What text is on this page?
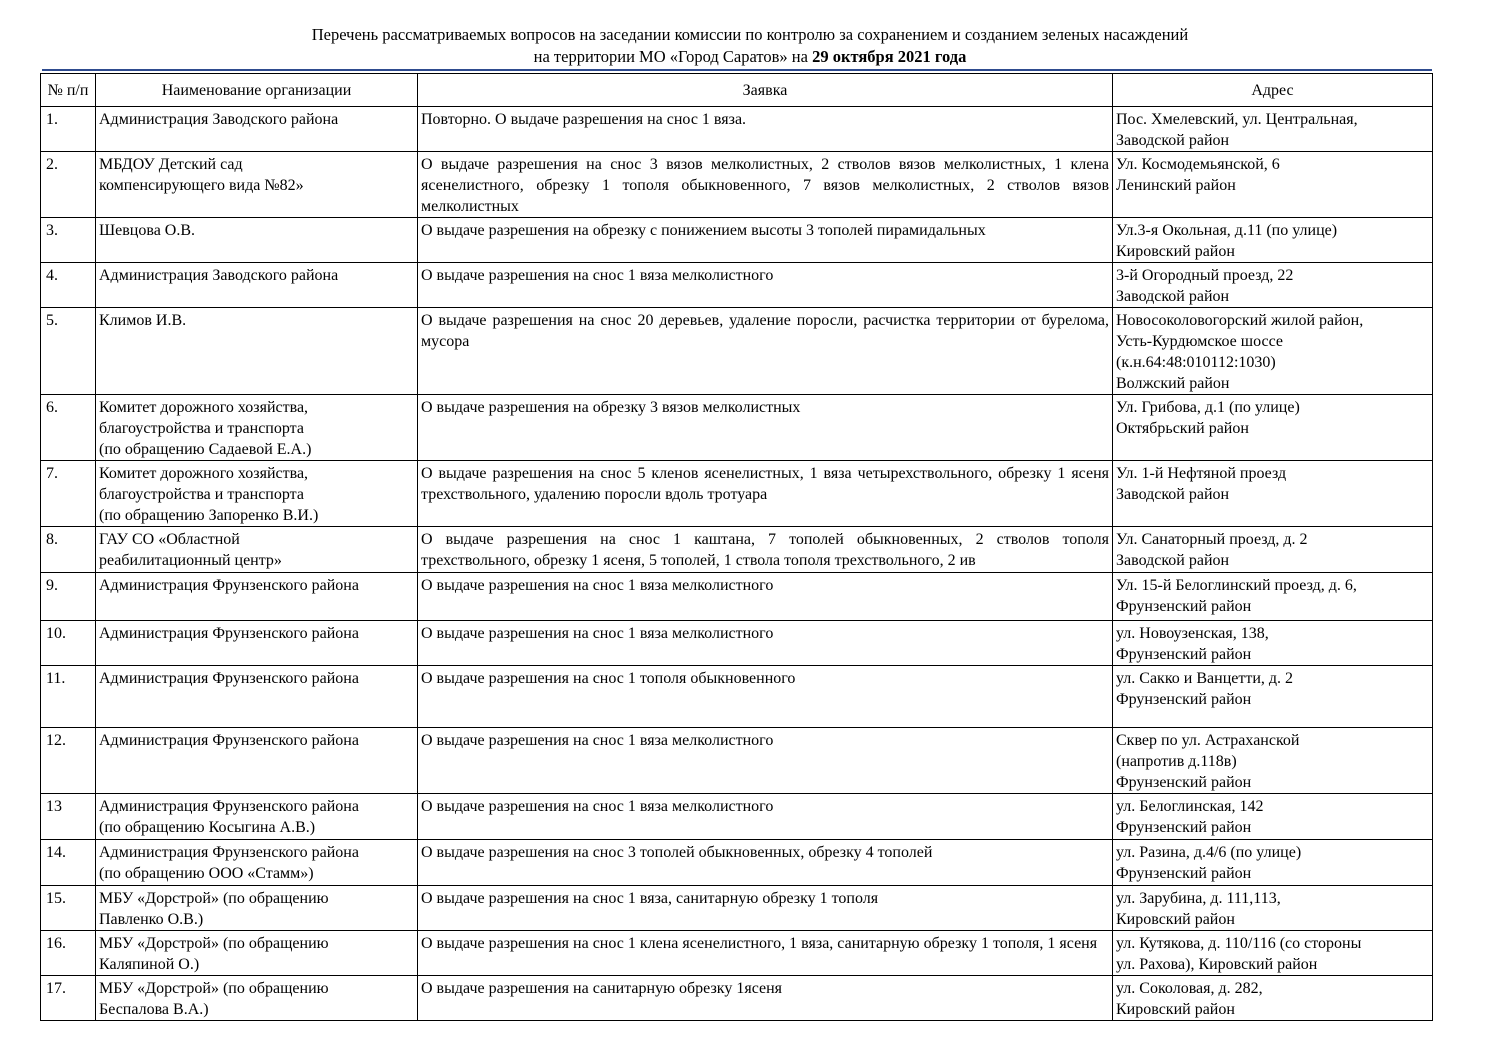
Перечень рассматриваемых вопросов на заседании комиссии по контролю за сохранением и созданием зеленых насаждений
на территории МО «Город Саратов» на 29 октября 2021 года
№ п/п	Наименование организации	Заявка	Адрес
1.	Администрация Заводского района	Повторно. О выдаче разрешения на снос 1 вяза.	Пос. Хмелевский, ул. Центральная,
Заводской район

2.	МБДОУ Детский сад
компенсирующего вида №82»	О выдаче разрешения на снос 3 вязов мелколистных, 2 стволов вязов мелколистных, 1 клена ясенелистного, обрезку 1 тополя обыкновенного, 7 вязов мелколистных, 2 стволов вязов мелколистных	Ул. Космодемьянской, 6
Ленинский район

3.	Шевцова О.В.	О выдаче разрешения на обрезку с понижением высоты 3 тополей пирамидальных	Ул.3-я Окольная, д.11 (по улице)
Кировский район

4.	Администрация Заводского района	О выдаче разрешения на снос 1 вяза мелколистного	3-й Огородный проезд, 22
Заводской район

5.	Климов И.В.	О выдаче разрешения на снос 20 деревьев, удаление поросли, расчистка территории от бурелома, мусора	Новосоколовогорский жилой район,
Усть-Курдюмское шоссе
(к.н.64:48:010112:1030)
Волжский район

6.	Комитет дорожного хозяйства,
благоустройства и транспорта
(по обращению Садаевой Е.А.)	О выдаче разрешения на обрезку 3 вязов мелколистных	Ул. Грибова, д.1 (по улице)
Октябрьский район

7.	Комитет дорожного хозяйства,
благоустройства и транспорта
(по обращению Запоренко В.И.)	О выдаче разрешения на снос 5 кленов ясенелистных, 1 вяза четырехствольного, обрезку 1 ясеня трехствольного, удалению поросли вдоль тротуара	Ул. 1-й Нефтяной проезд
Заводской район

8.	ГАУ СО «Областной
реабилитационный центр»	О выдаче разрешения на снос 1 каштана, 7 тополей обыкновенных, 2 стволов тополя трехствольного, обрезку 1 ясеня, 5 тополей, 1 ствола тополя трехствольного, 2 ив	Ул. Санаторный проезд, д. 2
Заводской район

9.	Администрация Фрунзенского района	О выдаче разрешения на снос 1 вяза мелколистного	Ул. 15-й Белоглинский проезд, д. 6,
Фрунзенский район

10.	Администрация Фрунзенского района	О выдаче разрешения на снос 1 вяза мелколистного	ул. Новоузенская, 138,
Фрунзенский район

11.	Администрация Фрунзенского района	О выдаче разрешения на снос 1 тополя обыкновенного	ул. Сакко и Ванцетти, д. 2
Фрунзенский район

12.	Администрация Фрунзенского района	О выдаче разрешения на снос 1 вяза мелколистного	Сквер по ул. Астраханской
(напротив д.118в)
Фрунзенский район

13	Администрация Фрунзенского района
(по обращению Косыгина А.В.)	О выдаче разрешения на снос 1 вяза мелколистного	ул. Белоглинская, 142
Фрунзенский район

14.	Администрация Фрунзенского района
(по обращению ООО «Стамм»)	О выдаче разрешения на снос 3 тополей обыкновенных, обрезку 4 тополей	ул. Разина, д.4/6 (по улице)
Фрунзенский район

15.	МБУ «Дорстрой» (по обращению
Павленко О.В.)	О выдаче разрешения на снос 1 вяза, санитарную обрезку 1 тополя	ул. Зарубина, д. 111,113,
Кировский район

16.	МБУ «Дорстрой» (по обращению
Каляпиной О.)	О выдаче разрешения на снос 1 клена ясенелистного, 1 вяза, санитарную обрезку 1 тополя, 1 ясеня	ул. Кутякова, д. 110/116 (со стороны
ул. Рахова), Кировский район

17.	МБУ «Дорстрой» (по обращению
Беспалова В.А.)	О выдаче разрешения на санитарную обрезку 1ясеня	ул. Соколовая, д. 282,
Кировский район
